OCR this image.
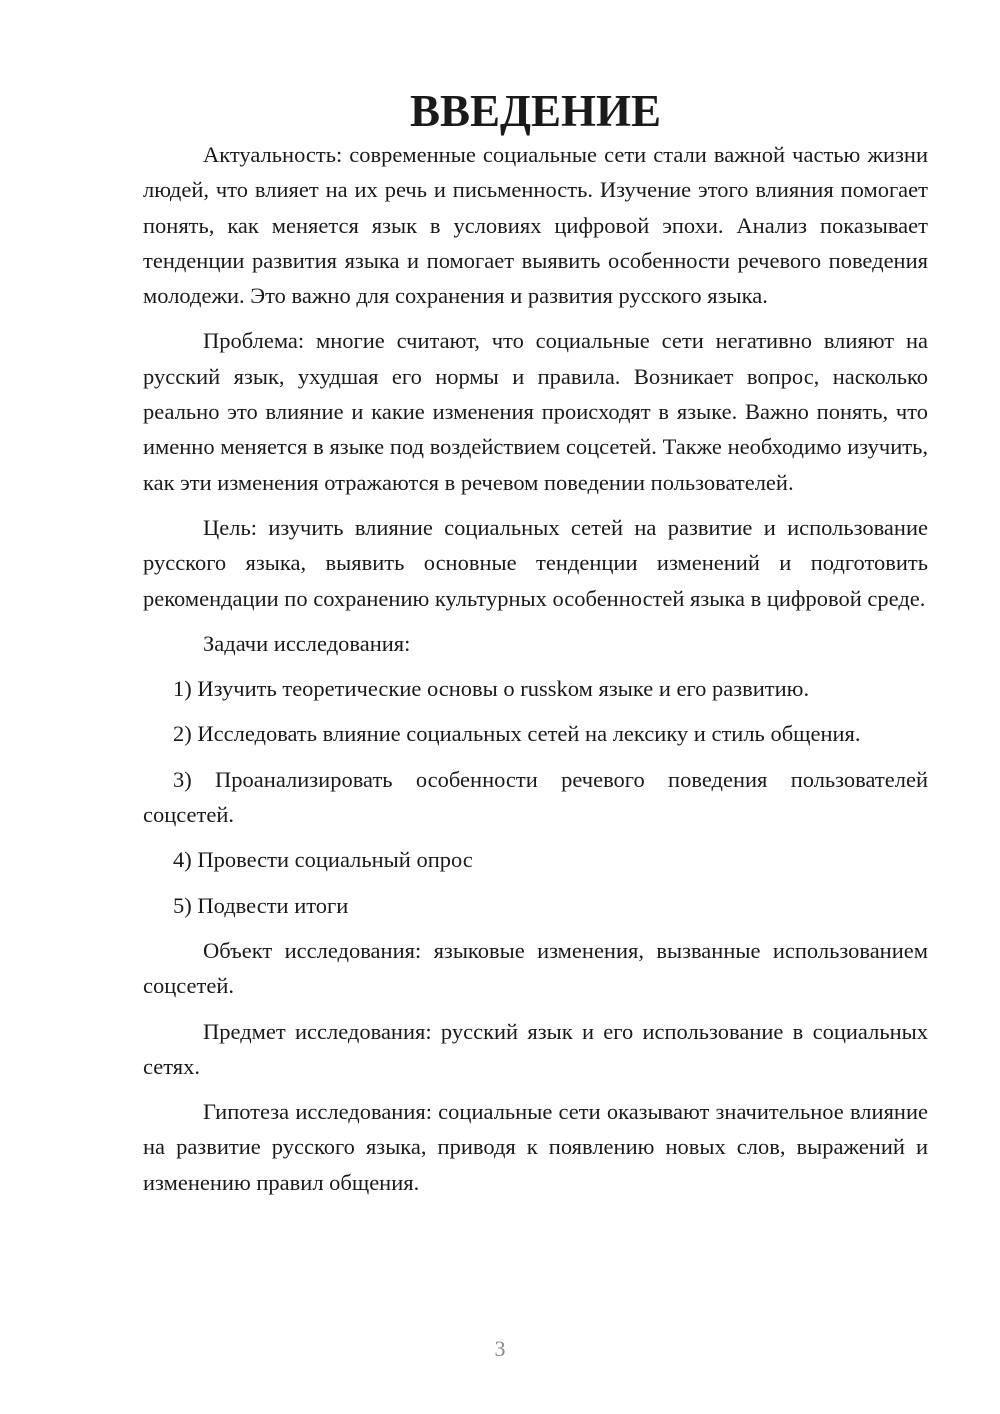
ВВЕДЕНИЕ

Актуальность: современные социальные сети стали важной частью жизни людей, что влияет на их речь и письменность. Изучение этого влияния помогает понять, как меняется язык в условиях цифровой эпохи. Анализ показывает тенденции развития языка и помогает выявить особенности речевого поведения молодежи. Это важно для сохранения и развития русского языка.

Проблема: многие считают, что социальные сети негативно влияют на русский язык, ухудшая его нормы и правила. Возникает вопрос, насколько реально это влияние и какие изменения происходят в языке. Важно понять, что именно меняется в языке под воздействием соцсетей. Также необходимо изучить, как эти изменения отражаются в речевом поведении пользователей.

Цель: изучить влияние социальных сетей на развитие и использование русского языка, выявить основные тенденции изменений и подготовить рекомендации по сохранению культурных особенностей языка в цифровой среде.

Задачи исследования:

1) Изучить теоретические основы о russkом языке и его развитию.

2) Исследовать влияние социальных сетей на лексику и стиль общения.

3) Проанализировать особенности речевого поведения пользователей соцсетей.

4) Провести социальный опрос

5) Подвести итоги

Объект исследования: языковые изменения, вызванные использованием соцсетей.

Предмет исследования: русский язык и его использование в социальных сетях.

Гипотеза исследования: социальные сети оказывают значительное влияние на развитие русского языка, приводя к появлению новых слов, выражений и изменению правил общения.

3
